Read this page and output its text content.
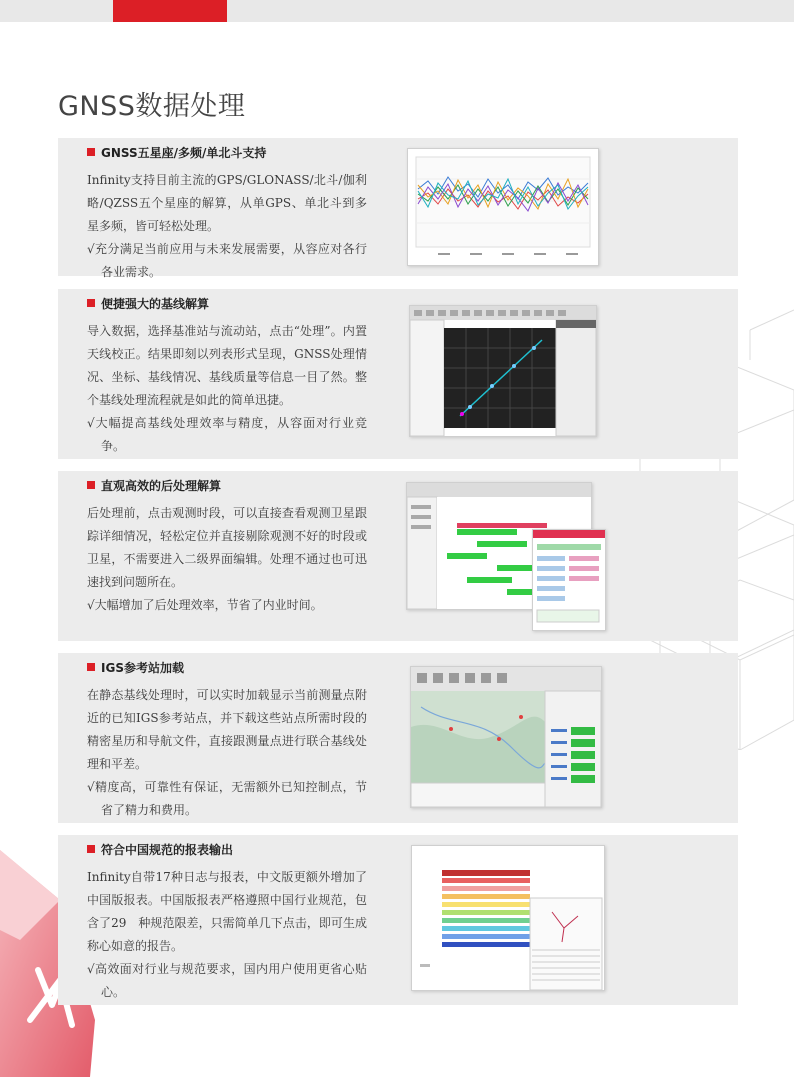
GNSS数据处理
GNSS五星座/多频/单北斗支持

Infinity支持目前主流的GPS/GLONASS/北斗/伽利略/QZSS五个星座的解算，从单GPS、单北斗到多星多频，皆可轻松处理。

√充分满足当前应用与未来发展需要，从容应对各行各业需求。

便捷强大的基线解算

导入数据，选择基准站与流动站，点击“处理”。内置天线校正。结果即刻以列表形式呈现，GNSS处理情况、坐标、基线情况、基线质量等信息一目了然。整个基线处理流程就是如此的简单迅捷。

√大幅提高基线处理效率与精度，从容面对行业竞争。

直观高效的后处理解算

后处理前，点击观测时段，可以直接查看观测卫星跟踪详细情况，轻松定位并直接剔除观测不好的时段或卫星，不需要进入二级界面编辑。处理不通过也可迅速找到问题所在。

√大幅增加了后处理效率，节省了内业时间。

IGS参考站加载

在静态基线处理时，可以实时加载显示当前测量点附近的已知IGS参考站点，并下载这些站点所需时段的精密星历和导航文件，直接跟测量点进行联合基线处理和平差。

√精度高，可靠性有保证，无需额外已知控制点，节省了精力和费用。

符合中国规范的报表输出

Infinity自带17种日志与报表，中文版更额外增加了中国版报表。中国版报表严格遵照中国行业规范，包含了29　种规范限差，只需简单几下点击，即可生成称心如意的报告。

√高效面对行业与规范要求，国内用户使用更省心贴心。
